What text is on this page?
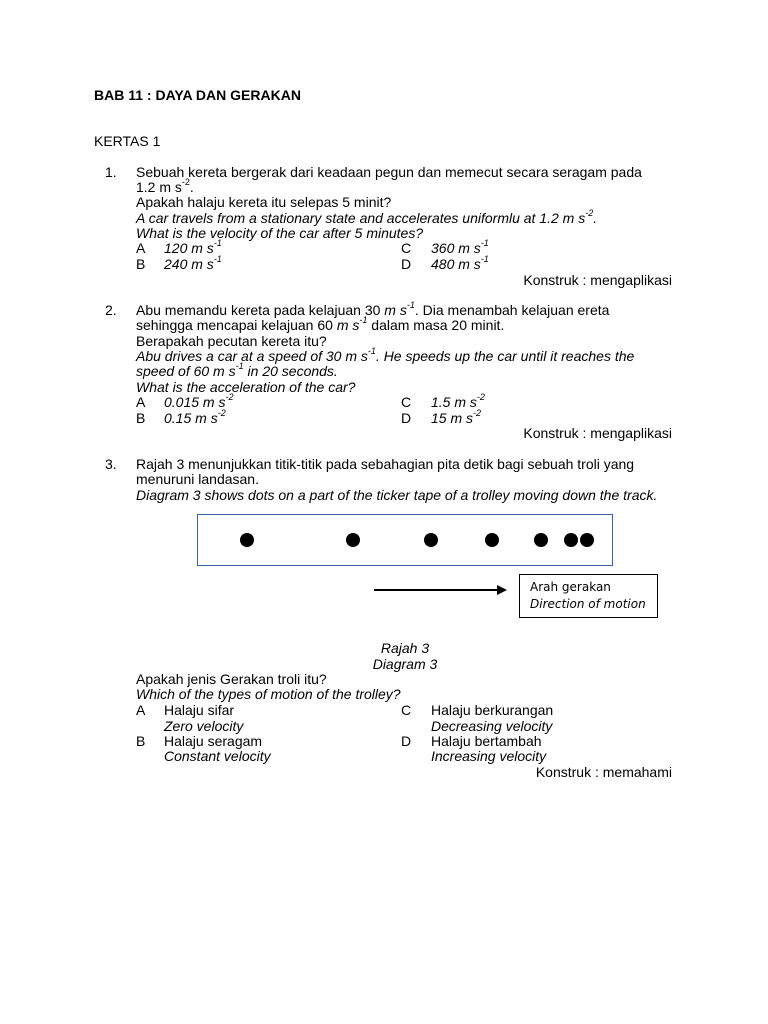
BAB 11 : DAYA DAN GERAKAN
KERTAS 1
1. Sebuah kereta bergerak dari keadaan pegun dan memecut secara seragam pada
1.2 m $s^{-2}$.
Apakah halaju kereta itu selepas 5 minit?
A car travels from a stationary state and accelerates uniformlu at 1.2 m $s^{-2}$.
What is the velocity of the car after 5 minutes?
A 120 m $s^{-1}$
B 240 m $s^{-1}$
C 360 m $s^{-1}$
D 480 m $s^{-1}$
Konstruk : mengaplikasi
2. Abu memandu kereta pada kelajuan 30 m $s^{-1}$. Dia menambah kelajuan ereta
sehingga mencapai kelajuan 60 m $s^{-1}$ dalam masa 20 minit.
Berapakah pecutan kereta itu?
Abu drives a car at a speed of 30 m $s^{-1}$. He speeds up the car until it reaches the
speed of 60 m $s^{-1}$ in 20 seconds.
What is the acceleration of the car?
A 0.015 m $s^{-2}$
B 0.15 m $s^{-2}$
C 1.5 m $s^{-2}$
D 15 m $s^{-2}$
Konstruk : mengaplikasi
3. Rajah 3 menunjukkan titik-titik pada sebahagian pita detik bagi sebuah troli yang
menuruni landasan.
Diagram 3 shows dots on a part of the ticker tape of a trolley moving down the track.
Arah gerakan
Direction of motion
Rajah 3
Diagram 3
Apakah jenis Gerakan troli itu?
Which of the types of motion of the trolley?
A Halaju sifar
Zero velocity
B Halaju seragam
Constant velocity
C Halaju berkurangan
Decreasing velocity
D Halaju bertambah
Increasing velocity
Konstruk : memahami
